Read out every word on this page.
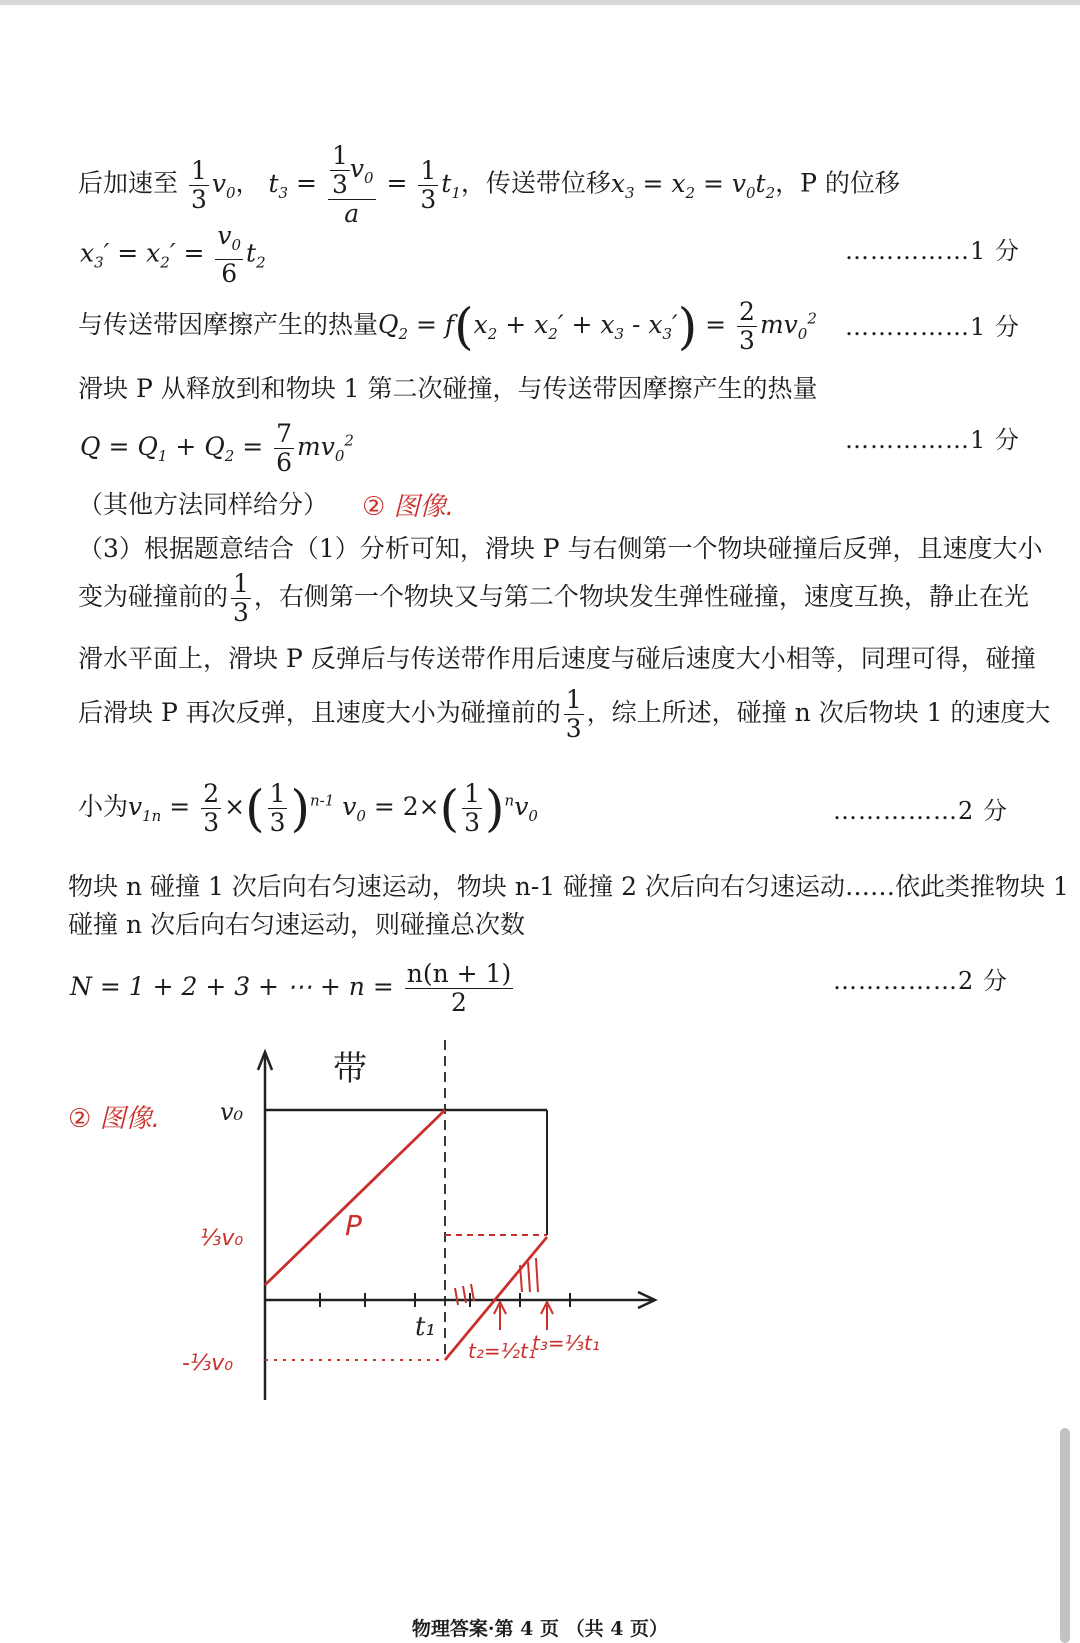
后加速至 $\frac{1}{3} v_0$， $t_3 = \frac{\frac{1}{3} v_0}{a} = \frac{1}{3} t_1$，传送带位移$x_3 = x_2 = v_0t_2$，P 的位移
$x_3' = x_2' = \frac{v_0}{6} t_2$	……………1 分
与传送带因摩擦产生的热量$Q_2 = f(x_2 + x_2' + x_3 - x_3') = \frac{2}{3} mv_0^2$ ……………1 分
滑块 P 从释放到和物块 1 第二次碰撞，与传送带因摩擦产生的热量
$Q = Q_1 + Q_2 = \frac{7}{6} mv_0^2$	……………1 分
（其他方法同样给分） ② 图像.
（3）根据题意结合（1）分析可知，滑块 P 与右侧第一个物块碰撞后反弹，且速度大小
变为碰撞前的 $\frac{1}{3}$ ，右侧第一个物块又与第二个物块发生弹性碰撞，速度互换，静止在光
滑水平面上，滑块 P 反弹后与传送带作用后速度与碰后速度大小相等，同理可得，碰撞
后滑块 P 再次反弹，且速度大小为碰撞前的 $\frac{1}{3}$ ，综上所述，碰撞 n 次后物块 1 的速度大
小为$v_{1n} = \frac{2}{3}$ ×( $\frac{1}{3} )^{n-1}$ $v_0 = 2\times( \frac{1}{3} )^nv_0$	……………2 分
物块 n 碰撞 1 次后向右匀速运动，物块 n-1 碰撞 2 次后向右匀速运动……依此类推物块 1
碰撞 n 次后向右匀速运动，则碰撞总次数
N = 1 + 2 + 3 + ⋯ + $n = \frac{n(n + 1)}{2}$	……………2 分
② 图像.
带
v₀
⅓v₀
-⅓v₀
P
t₁
t₂=½t₁
t₃=⅓t₁
物理答案·第 4 页 （共 4 页）
